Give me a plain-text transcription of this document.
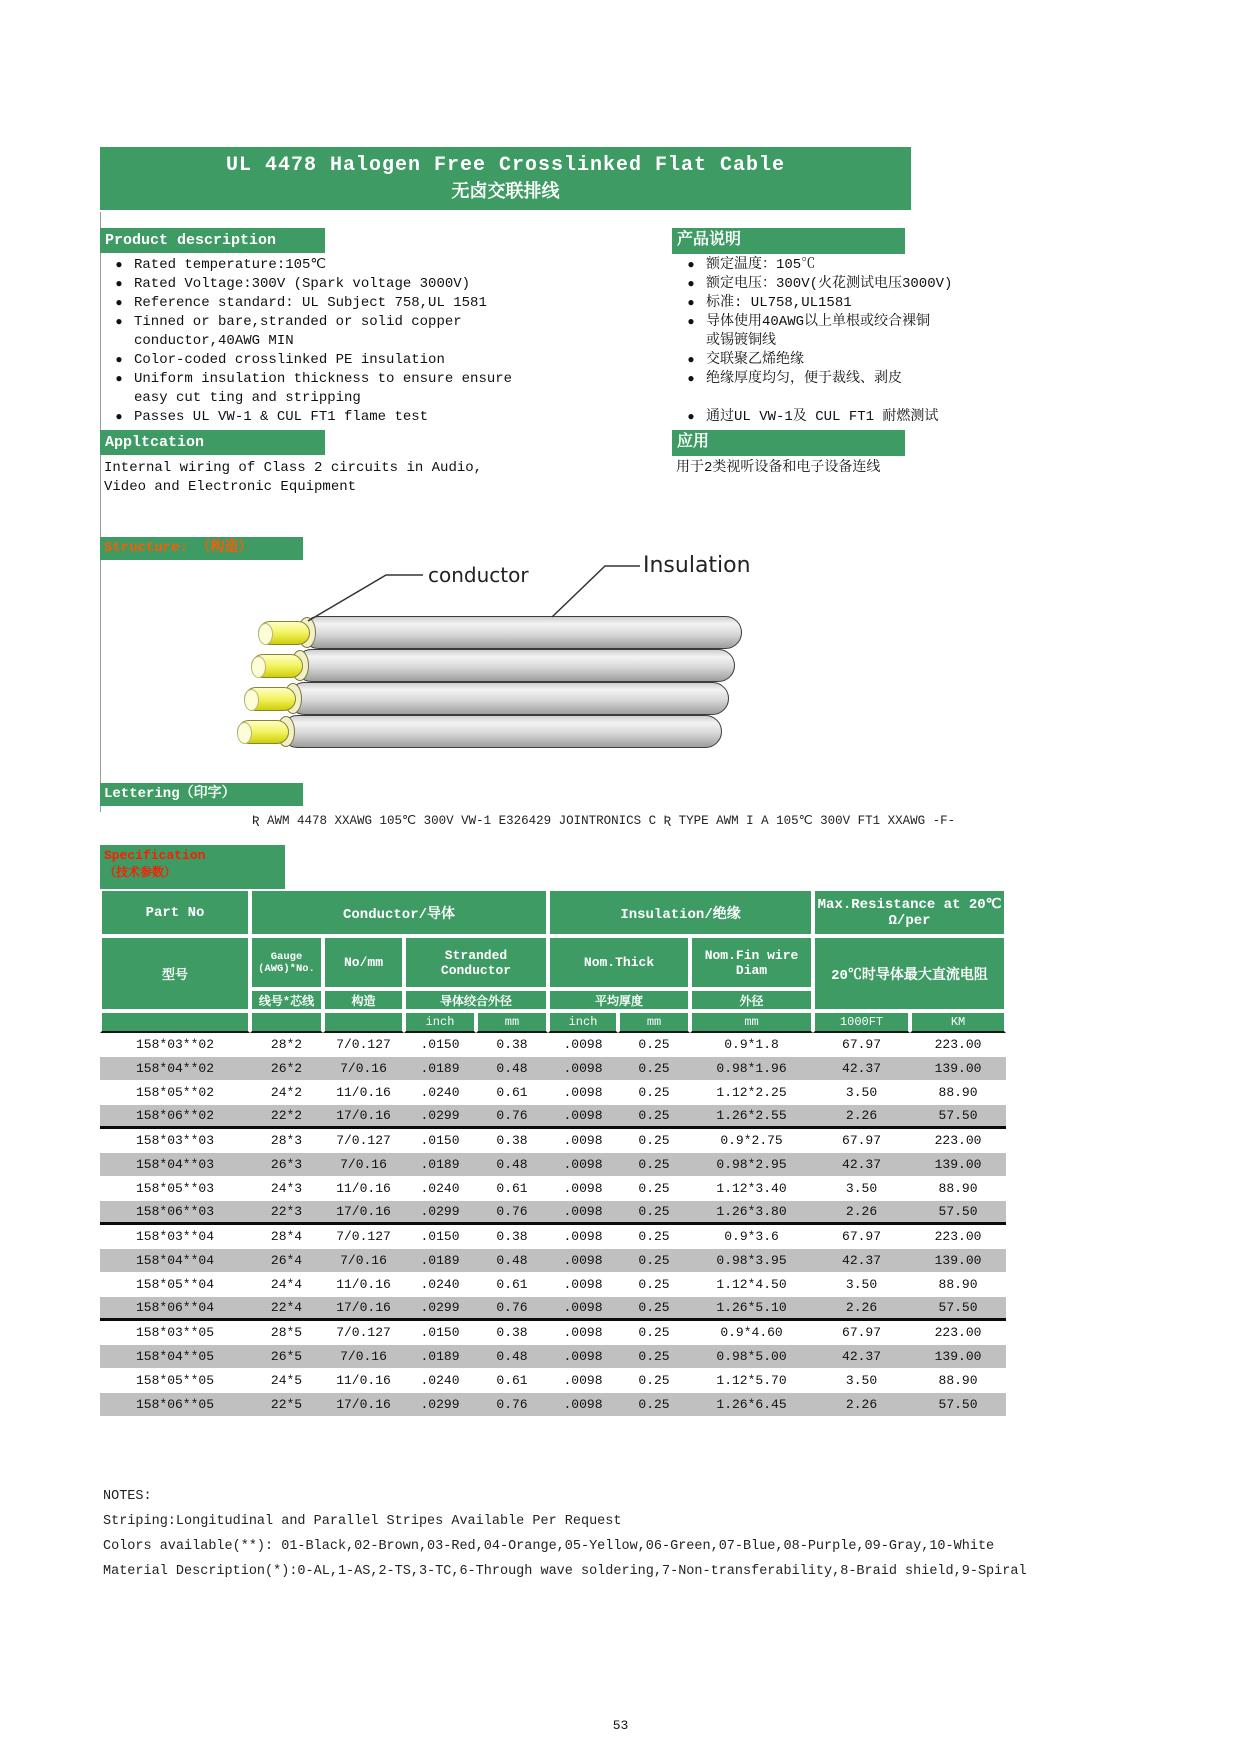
UL 4478 Halogen Free Crosslinked Flat Cable
无卤交联排线
Product description
● Rated temperature:105℃
● Rated Voltage:300V (Spark voltage 3000V)
● Reference standard: UL Subject 758,UL 1581
● Tinned or bare,stranded or solid copper
conductor,40AWG MIN
● Color-coded crosslinked PE insulation
● Uniform insulation thickness to ensure ensure
easy cut ting and stripping
● Passes UL VW-1 & CUL FT1 flame test
Appltcation
Internal wiring of Class 2 circuits in Audio,
Video and Electronic Equipment
产品说明
● 额定温度：105℃
● 额定电压：300V(火花测试电压3000V)
● 标准: UL758,UL1581
● 导体使用40AWG以上单根或绞合裸铜
或锡镀铜线
● 交联聚乙烯绝缘
● 绝缘厚度均匀，便于裁线、剥皮
● 通过UL VW-1及 CUL FT1 耐燃测试
应用
用于2类视听设备和电子设备连线
Structure: （构造）
conductor	Insulation
Lettering（印字）
Ʀ AWM 4478 XXAWG 105℃ 300V VW-1 E326429 JOINTRONICS C Ʀ TYPE AWM I A 105℃ 300V FT1 XXAWG -F-
Specification
（技术参数）
Part No	Conductor/导体				Insulation/绝缘			Max.Resistance at 20℃ Ω/per	
型号	Gauge (AWG)*No.	No/mm	Stranded Conductor		Nom.Thick		Nom.Fin wire Diam	20℃时导体最大直流电阻	
	线号*芯线	构造	导体绞合外径		平均厚度		外径		
			inch	mm	inch	mm	mm	1000FT	KM
158*03**02	28*2	7/0.127	.0150	0.38	.0098	0.25	0.9*1.8	67.97	223.00
158*04**02	26*2	7/0.16	.0189	0.48	.0098	0.25	0.98*1.96	42.37	139.00
158*05**02	24*2	11/0.16	.0240	0.61	.0098	0.25	1.12*2.25	3.50	88.90
158*06**02	22*2	17/0.16	.0299	0.76	.0098	0.25	1.26*2.55	2.26	57.50
158*03**03	28*3	7/0.127	.0150	0.38	.0098	0.25	0.9*2.75	67.97	223.00
158*04**03	26*3	7/0.16	.0189	0.48	.0098	0.25	0.98*2.95	42.37	139.00
158*05**03	24*3	11/0.16	.0240	0.61	.0098	0.25	1.12*3.40	3.50	88.90
158*06**03	22*3	17/0.16	.0299	0.76	.0098	0.25	1.26*3.80	2.26	57.50
158*03**04	28*4	7/0.127	.0150	0.38	.0098	0.25	0.9*3.6	67.97	223.00
158*04**04	26*4	7/0.16	.0189	0.48	.0098	0.25	0.98*3.95	42.37	139.00
158*05**04	24*4	11/0.16	.0240	0.61	.0098	0.25	1.12*4.50	3.50	88.90
158*06**04	22*4	17/0.16	.0299	0.76	.0098	0.25	1.26*5.10	2.26	57.50
158*03**05	28*5	7/0.127	.0150	0.38	.0098	0.25	0.9*4.60	67.97	223.00
158*04**05	26*5	7/0.16	.0189	0.48	.0098	0.25	0.98*5.00	42.37	139.00
158*05**05	24*5	11/0.16	.0240	0.61	.0098	0.25	1.12*5.70	3.50	88.90
158*06**05	22*5	17/0.16	.0299	0.76	.0098	0.25	1.26*6.45	2.26	57.50
NOTES:
Striping:Longitudinal and Parallel Stripes Available Per Request
Colors available(**): 01-Black,02-Brown,03-Red,04-Orange,05-Yellow,06-Green,07-Blue,08-Purple,09-Gray,10-White
Material Description(*):0-AL,1-AS,2-TS,3-TC,6-Through wave soldering,7-Non-transferability,8-Braid shield,9-Spiral
53
